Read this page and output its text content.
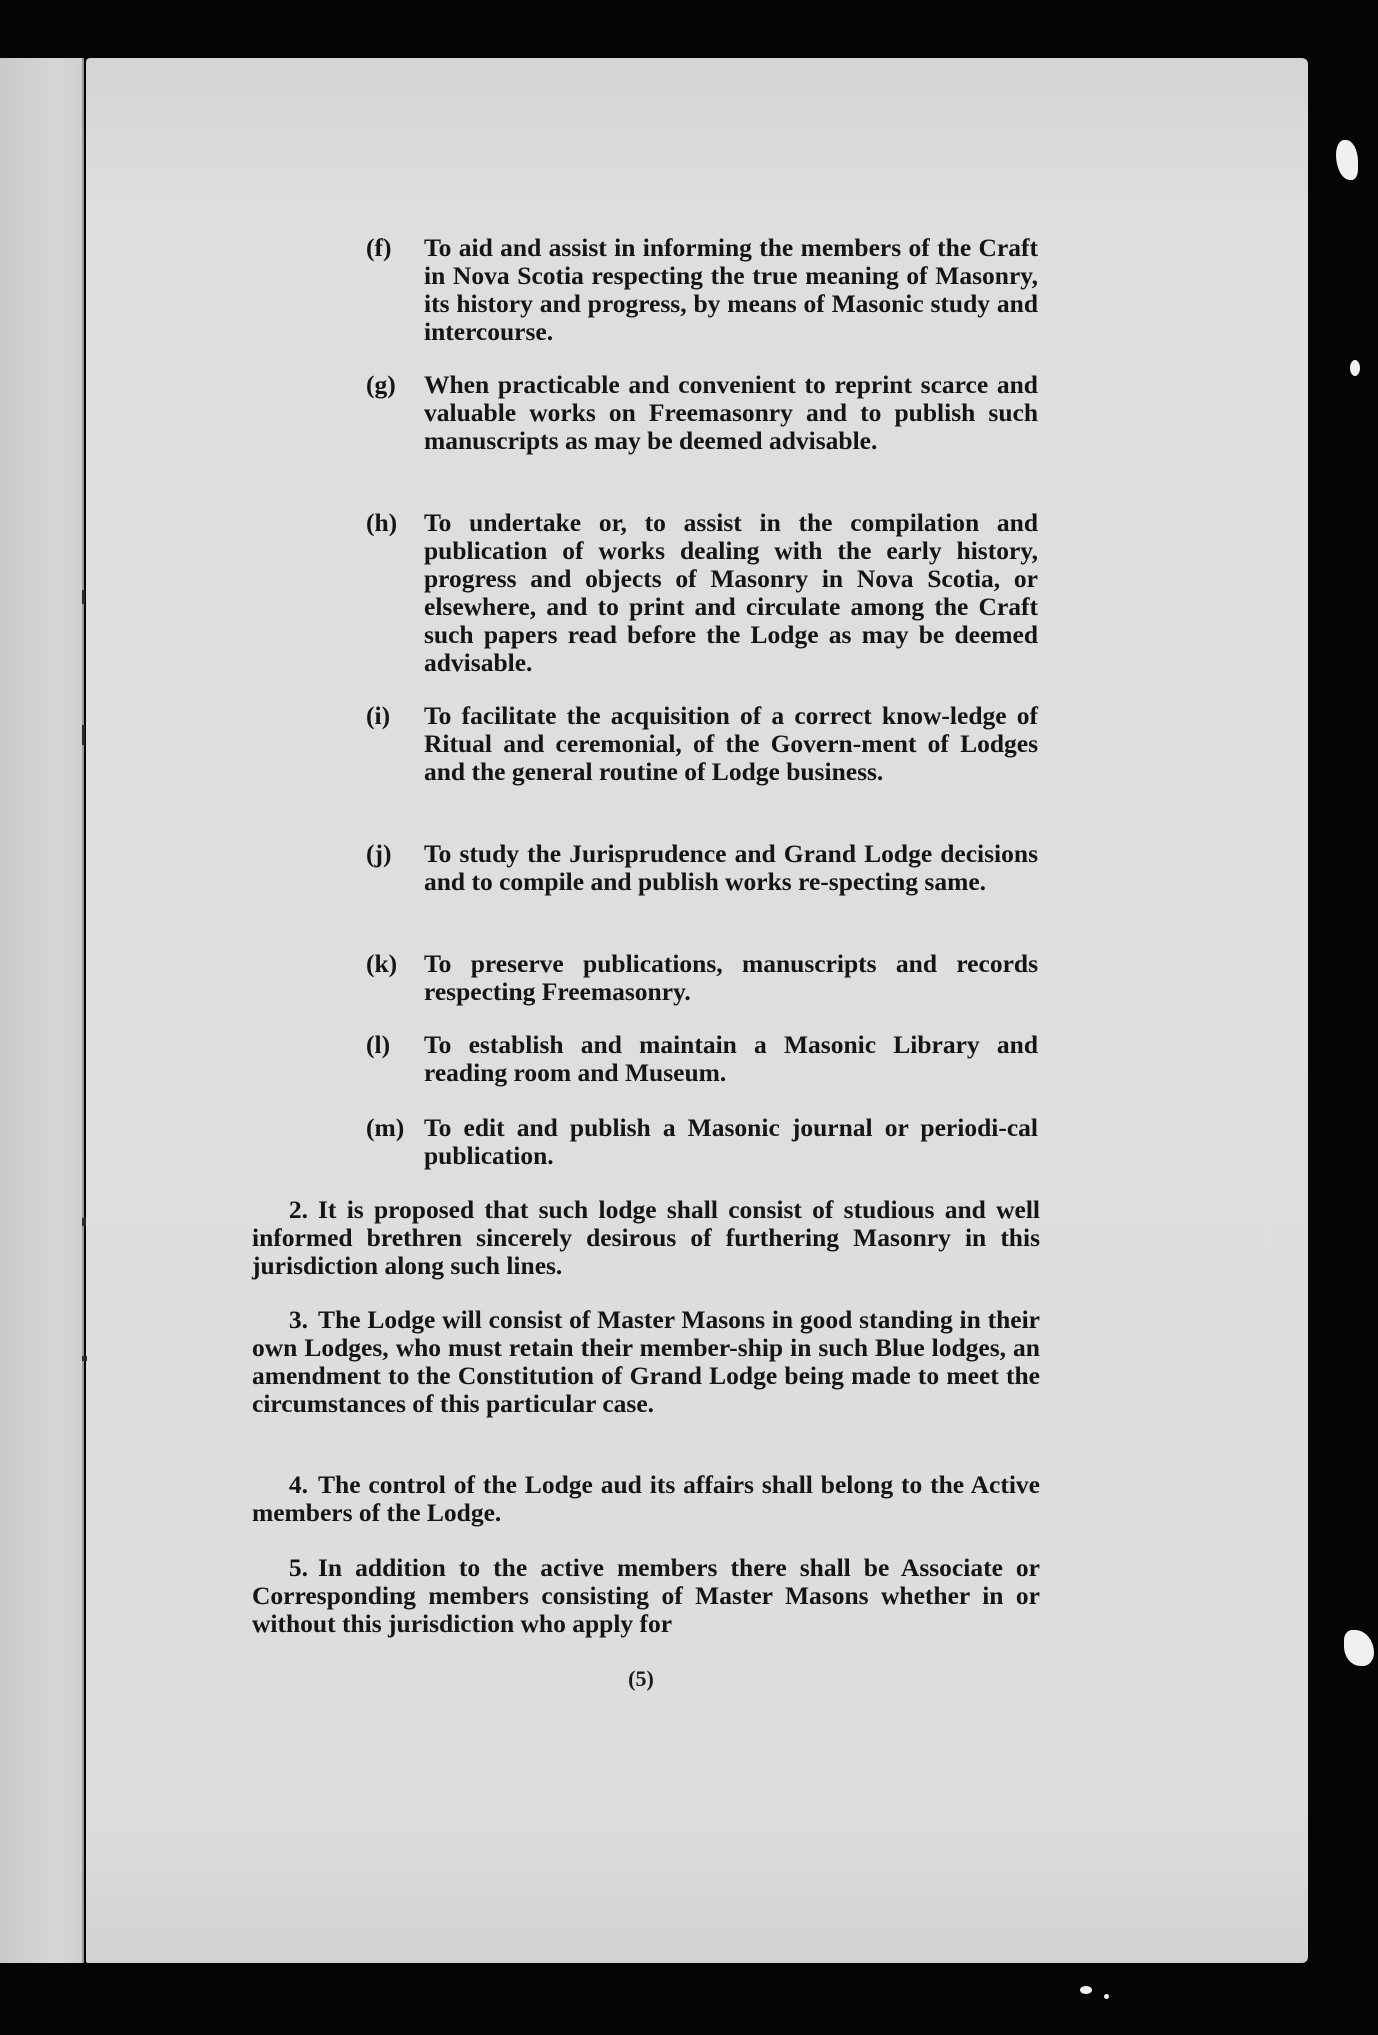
(f) To aid and assist in informing the members of the Craft in Nova Scotia respecting the true meaning of Masonry, its history and progress, by means of Masonic study and intercourse.
(g) When practicable and convenient to reprint scarce and valuable works on Freemasonry and to publish such manuscripts as may be deemed advisable.
(h) To undertake or, to assist in the compilation and publication of works dealing with the early history, progress and objects of Masonry in Nova Scotia, or elsewhere, and to print and circulate among the Craft such papers read before the Lodge as may be deemed advisable.
(i) To facilitate the acquisition of a correct know-ledge of Ritual and ceremonial, of the Govern-ment of Lodges and the general routine of Lodge business.
(j) To study the Jurisprudence and Grand Lodge decisions and to compile and publish works re-specting same.
(k) To preserve publications, manuscripts and records respecting Freemasonry.
(l) To establish and maintain a Masonic Library and reading room and Museum.
(m) To edit and publish a Masonic journal or periodi-cal publication.
2. It is proposed that such lodge shall consist of studious and well informed brethren sincerely desirous of furthering Masonry in this jurisdiction along such lines.
3. The Lodge will consist of Master Masons in good standing in their own Lodges, who must retain their member-ship in such Blue lodges, an amendment to the Constitution of Grand Lodge being made to meet the circumstances of this particular case.
4. The control of the Lodge aud its affairs shall belong to the Active members of the Lodge.
5. In addition to the active members there shall be Associate or Corresponding members consisting of Master Masons whether in or without this jurisdiction who apply for
(5)
